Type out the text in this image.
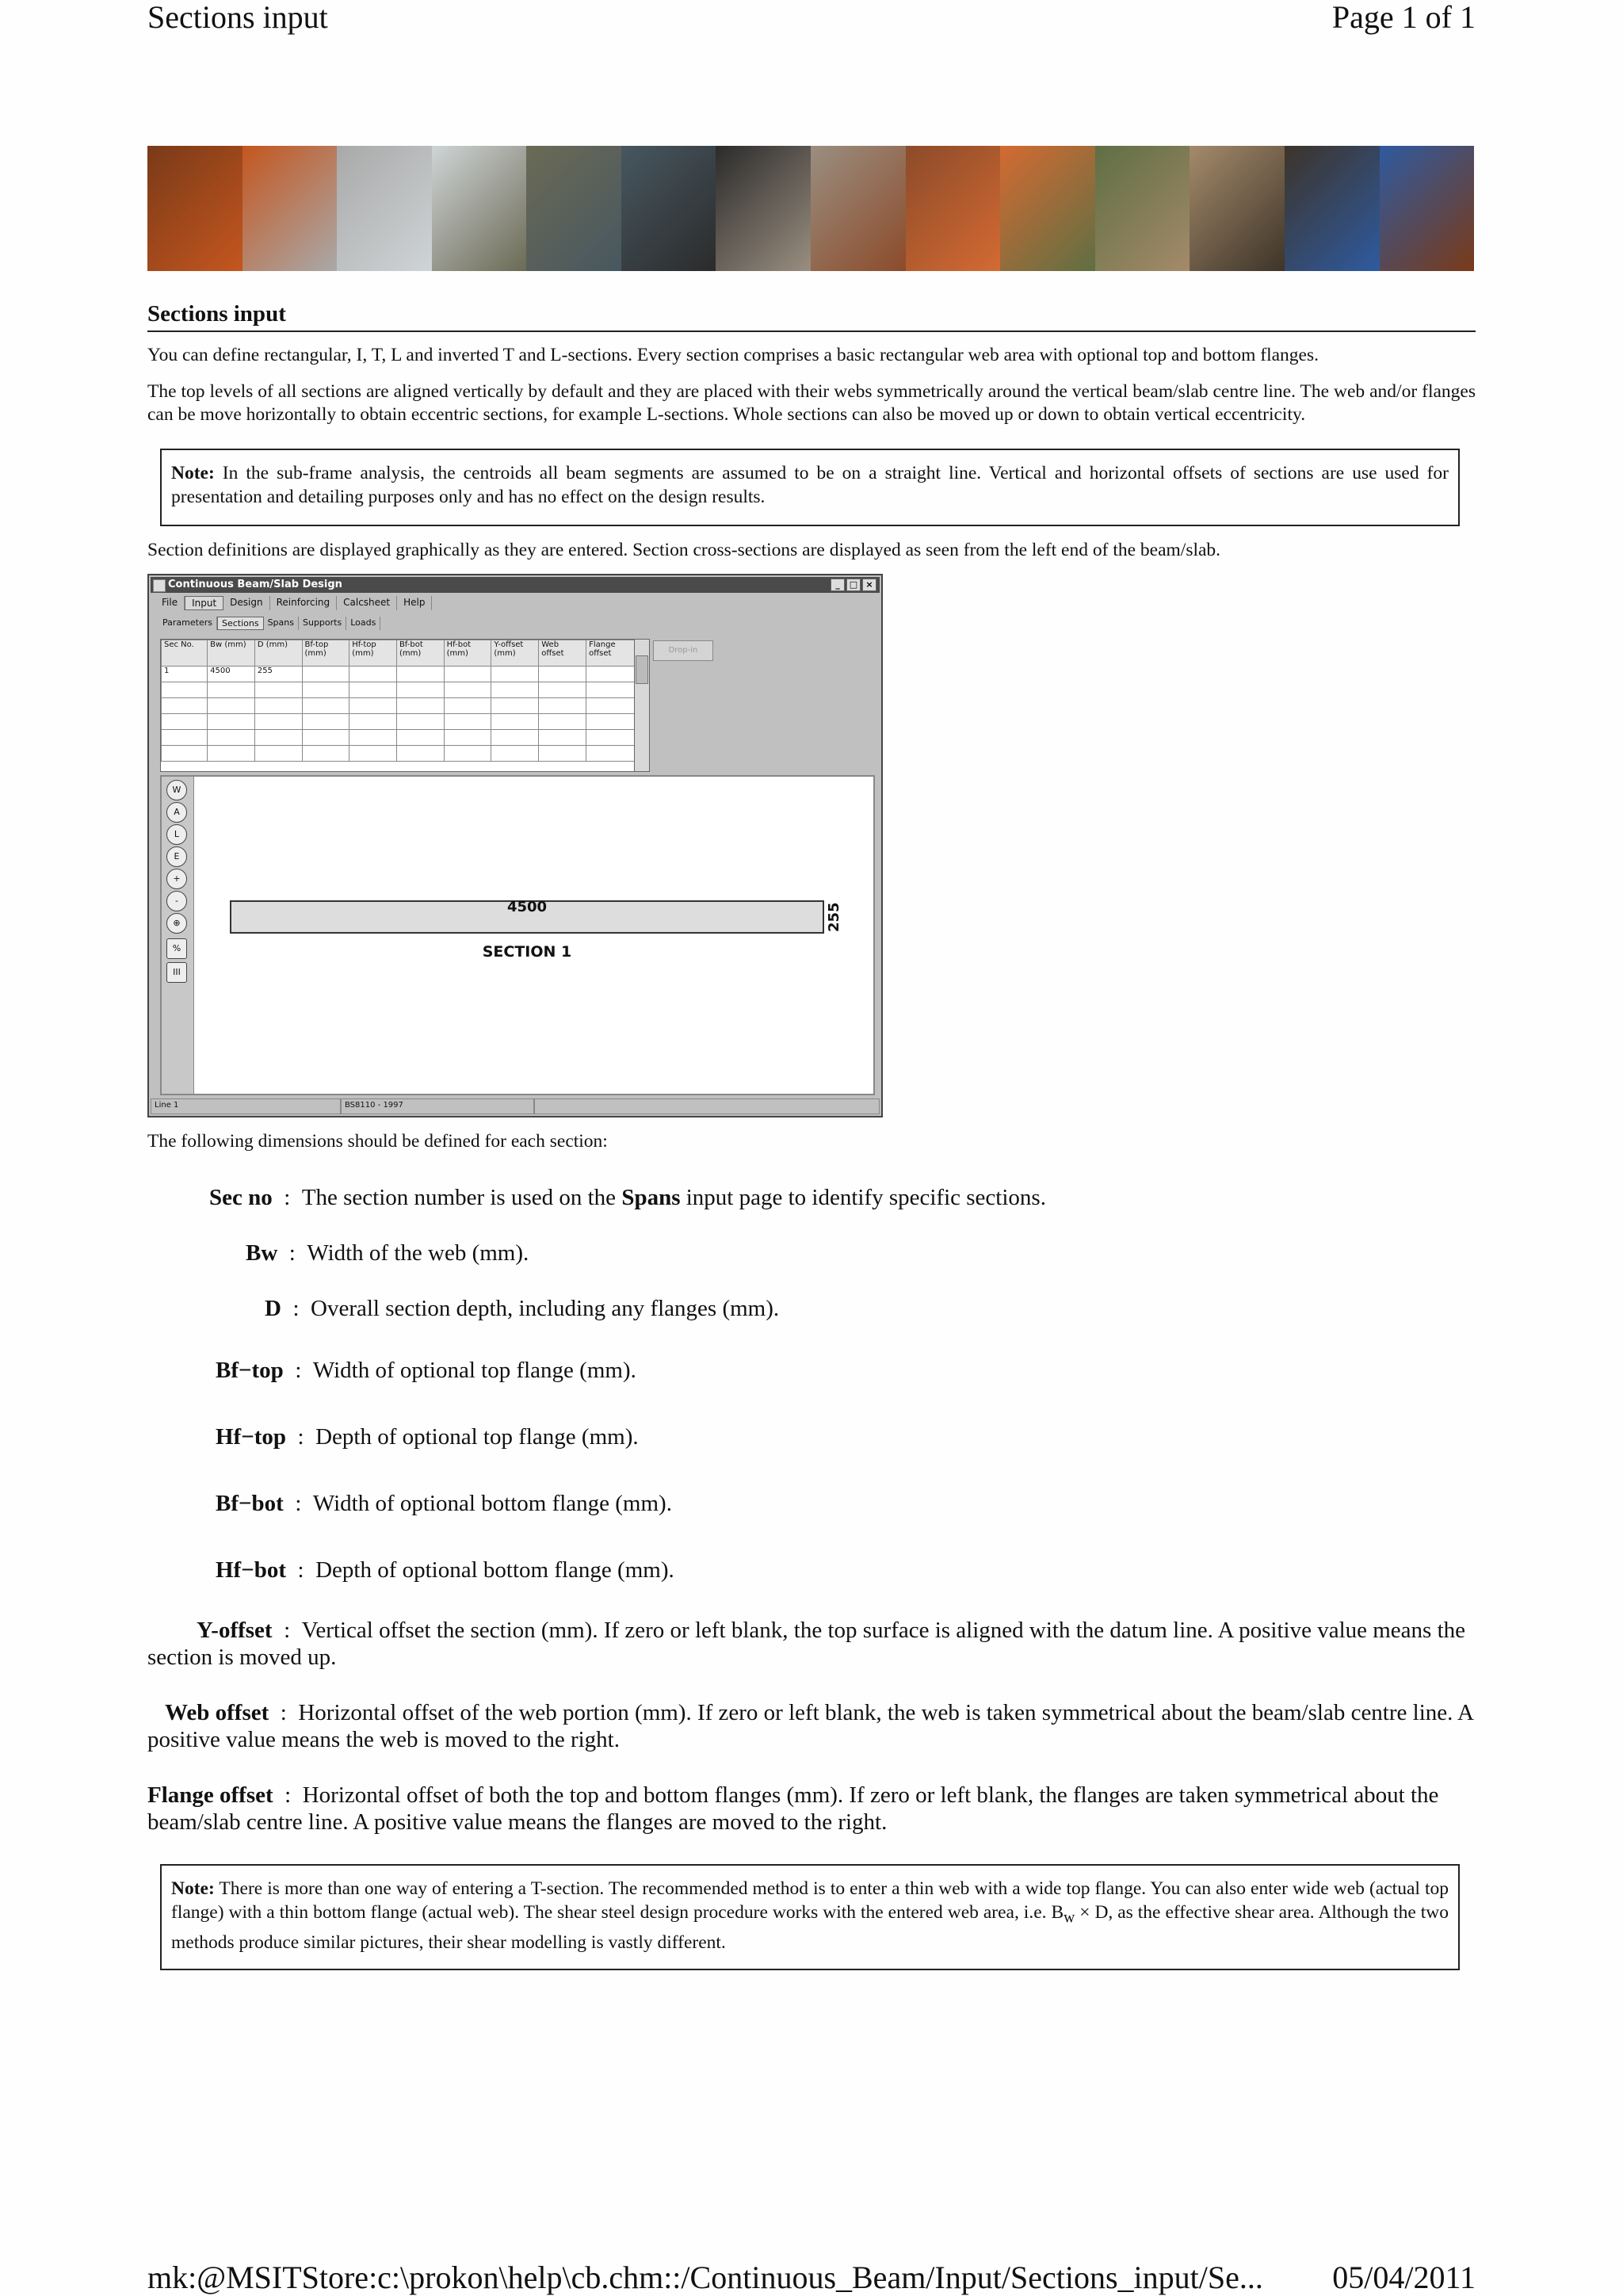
Sections input	Page 1 of 1
Sections input
You can define rectangular, I, T, L and inverted T and L-sections. Every section comprises a basic rectangular web area with optional top and bottom flanges.
The top levels of all sections are aligned vertically by default and they are placed with their webs symmetrically around the vertical beam/slab centre line. The web and/or flanges can be move horizontally to obtain eccentric sections, for example L-sections. Whole sections can also be moved up or down to obtain vertical eccentricity.
Note: In the sub-frame analysis, the centroids all beam segments are assumed to be on a straight line. Vertical and horizontal offsets of sections are use used for presentation and detailing purposes only and has no effect on the design results.
Section definitions are displayed graphically as they are entered. Section cross-sections are displayed as seen from the left end of the beam/slab.
Continuous Beam/Slab Design	_	□ ×
File	Input	Design	Reinforcing	Calcsheet	Help
Parameters	Sections	Spans	Supports	Loads
Sec No.	Bw (mm)	D (mm)	Bf-top (mm)	Hf-top (mm)	Bf-bot (mm)	Hf-bot (mm)	Y-offset (mm)	Web offset	Flange offset
1	4500	255							

Drop-in
W
A
L
E
+
-
⊕
%
III
4500	255
SECTION 1
Line 1	BS8110 - 1997
The following dimensions should be defined for each section:
Sec no : The section number is used on the Spans input page to identify specific sections.
Bw : Width of the web (mm).
D : Overall section depth, including any flanges (mm).
Bf−top : Width of optional top flange (mm).
Hf−top : Depth of optional top flange (mm).
Bf−bot : Width of optional bottom flange (mm).
Hf−bot : Depth of optional bottom flange (mm).
Y-offset : Vertical offset the section (mm). If zero or left blank, the top surface is aligned with the datum line. A positive value means the section is moved up.
Web offset : Horizontal offset of the web portion (mm). If zero or left blank, the web is taken symmetrical about the beam/slab centre line. A positive value means the web is moved to the right.
Flange offset : Horizontal offset of both the top and bottom flanges (mm). If zero or left blank, the flanges are taken symmetrical about the beam/slab centre line. A positive value means the flanges are moved to the right.
Note: There is more than one way of entering a T-section. The recommended method is to enter a thin web with a wide top flange. You can also enter wide web (actual top flange) with a thin bottom flange (actual web). The shear steel design procedure works with the entered web area, i.e. $B_w \times D$, as the effective shear area. Although the two methods produce similar pictures, their shear modelling is vastly different.
mk:@MSITStore:c:\prokon\help\cb.chm::/Continuous_Beam/Input/Sections_input/Se... 05/04/2011
